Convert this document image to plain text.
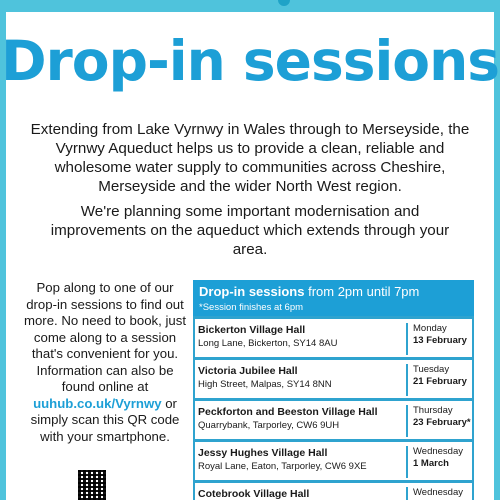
Drop-in sessions

Extending from Lake Vyrnwy in Wales through to Merseyside, the Vyrnwy Aqueduct helps us to provide a clean, reliable and wholesome water supply to communities across Cheshire, Merseyside and the wider North West region.

We're planning some important modernisation and improvements on the aqueduct which extends through your area.

Pop along to one of our drop-in sessions to find out more. No need to book, just come along to a session that's convenient for you. Information can also be found online at uuhub.co.uk/Vyrnwy or simply scan this QR code with your smartphone.
Drop-in sessions from 2pm until 7pm
*Session finishes at 6pm
Bickerton Village Hall
Long Lane, Bickerton, SY14 8AU
Monday
13 February
Victoria Jubilee Hall
High Street, Malpas, SY14 8NN
Tuesday
21 February
Peckforton and Beeston Village Hall
Quarrybank, Tarporley, CW6 9UH
Thursday
23 February*
Jessy Hughes Village Hall
Royal Lane, Eaton, Tarporley, CW6 9XE
Wednesday
1 March
Cotebrook Village Hall	Wednesday
